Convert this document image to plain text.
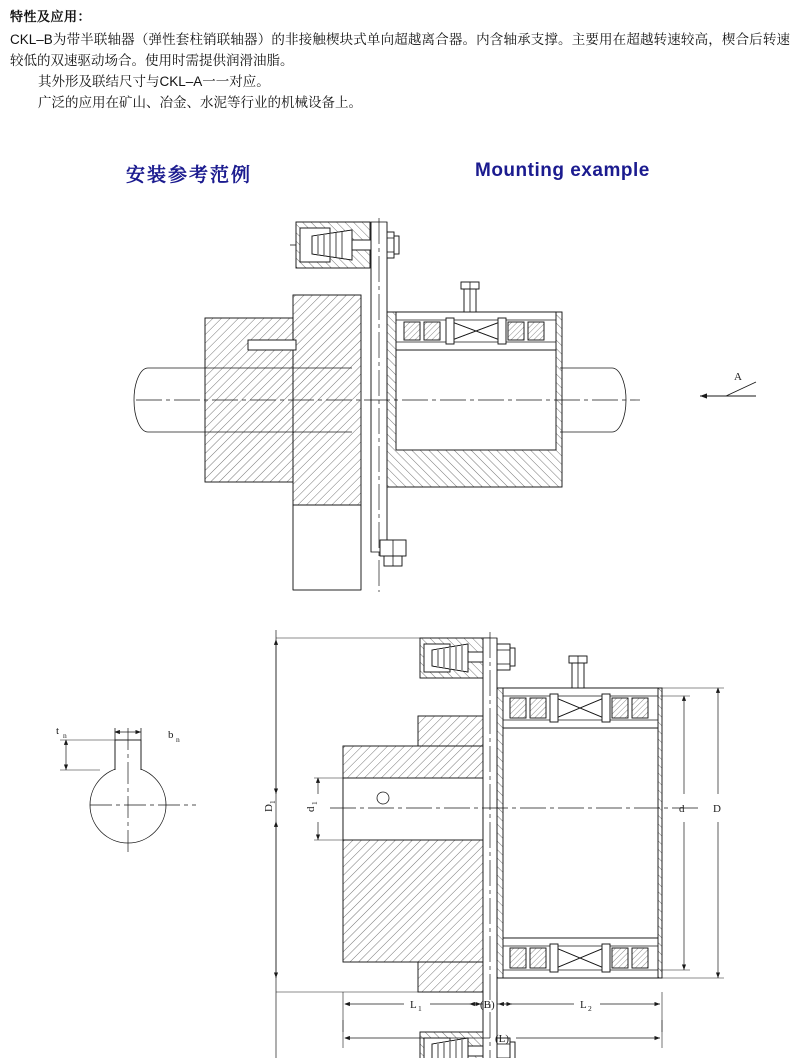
特性及应用：

CKL–B为带半联轴器（弹性套柱销联轴器）的非接触楔块式单向超越离合器。内含轴承支撑。主要用在超越转速较高，楔合后转速较低的双速驱动场合。使用时需提供润滑油脂。

其外形及联结尺寸与CKL–A一一对应。

广泛的应用在矿山、冶金、水泥等行业的机械设备上。

安装参考范例	Mounting example
A
b n
t n
D
1
d
1	d	D
L 1	(B)	L 2
(L)
